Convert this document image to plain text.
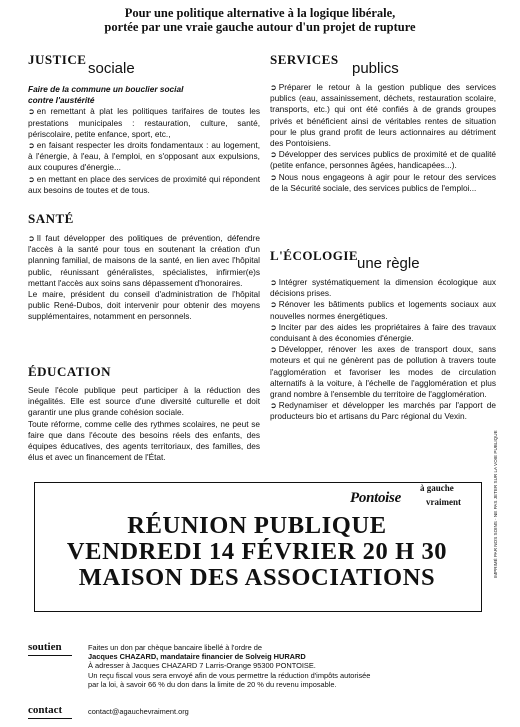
Pour une politique alternative à la logique libérale,
portée par une vraie gauche autour d'un projet de rupture
JUSTICE
sociale

Faire de la commune un bouclier social

contre l'austérité

➲ en remettant à plat les politiques tarifaires de toutes les prestations municipales : restauration, culture, santé, périscolaire, petite enfance, sport, etc.,

➲ en faisant respecter les droits fondamentaux : au logement, à l'énergie, à l'eau, à l'emploi, en s'opposant aux expulsions, aux coupures d'énergie...

➲ en mettant en place des services de proximité qui répondent aux besoins de toutes et de tous.

SANTÉ

➲ Il faut développer des politiques de prévention, défendre l'accès à la santé pour tous en soutenant la création d'un planning familial, de maisons de la santé, en lien avec l'hôpital public, réunissant généralistes, spécialistes, infirmier(e)s mettant l'accès aux soins sans dépassement d'honoraires.

Le maire, président du conseil d'administration de l'hôpital public René-Dubos, doit intervenir pour obtenir des moyens supplémentaires, notamment en personnels.

ÉDUCATION

Seule l'école publique peut participer à la réduction des inégalités. Elle est source d'une diversité culturelle et doit garantir une plus grande cohésion sociale.

Toute réforme, comme celle des rythmes scolaires, ne peut se faire que dans l'écoute des besoins réels des enfants, des équipes éducatives, des agents territoriaux, des familles, des élus et avec un financement de l'État.

SERVICES
publics

➲ Préparer le retour à la gestion publique des services publics (eau, assainissement, déchets, restauration scolaire, transports, etc.) qui ont été confiés à de grands groupes privés et bénéficient ainsi de véritables rentes de situation pour le plus grand profit de leurs actionnaires au détriment des Pontoisiens.

➲ Développer des services publics de proximité et de qualité (petite enfance, personnes âgées, handicapées...).

➲ Nous nous engageons à agir pour le retour des services de la Sécurité sociale, des services publics de l'emploi...

L'ÉCOLOGIE
une règle

➲ Intégrer systématiquement la dimension écologique aux décisions prises.

➲ Rénover les bâtiments publics et logements sociaux aux nouvelles normes énergétiques.

➲ Inciter par des aides les propriétaires à faire des travaux conduisant à des économies d'énergie.

➲ Développer, rénover les axes de transport doux, sans moteurs et qui ne génèrent pas de pollution à travers toute l'agglomération et favoriser les modes de circulation alternatifs à la voiture, à l'échelle de l'agglomération et plus grand nombre à l'ensemble du territoire de l'agglomération.

➲ Redynamiser et développer les marchés par l'apport de producteurs bio et artisans du Parc régional du Vexin.

Pontoise
à gauche
vraiment
RÉUNION PUBLIQUE
VENDREDI 14 FÉVRIER 20 H 30
MAISON DES ASSOCIATIONS	IMPRIMÉ PAR NOS SOINS · NE PAS JETER SUR LA VOIE PUBLIQUE
soutien	Faites un don par chèque bancaire libellé à l'ordre de
Jacques CHAZARD, mandataire financier de Solveig HURARD
À adresser à Jacques CHAZARD 7 Larris-Orange 95300 PONTOISE.
Un reçu fiscal vous sera envoyé afin de vous permettre la réduction d'impôts autorisée
par la loi, à savoir 66 % du don dans la limite de 20 % du revenu imposable.
contact	contact@agauchevraiment.org
